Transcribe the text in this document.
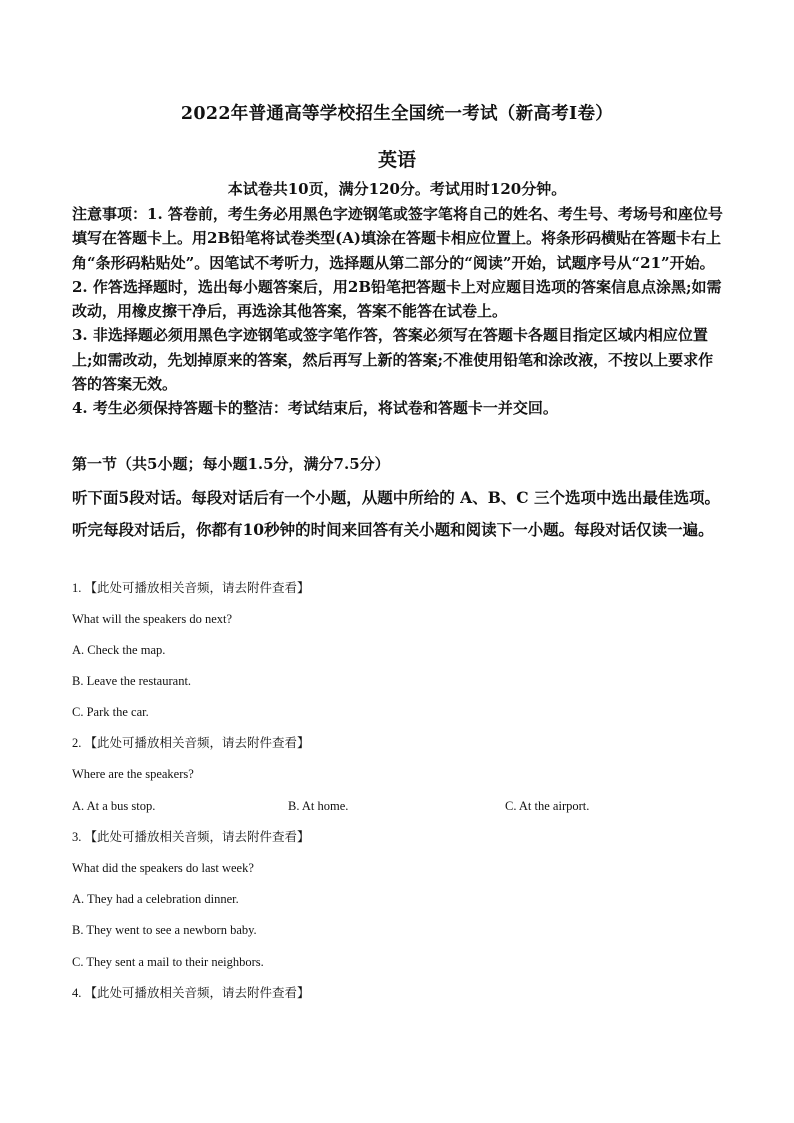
2022年普通高等学校招生全国统一考试（新高考Ⅰ卷）
英语
本试卷共10页，满分120分。考试用时120分钟。

注意事项：1. 答卷前，考生务必用黑色字迹钢笔或签字笔将自己的姓名、考生号、考场号和座位号填写在答题卡上。用2B铅笔将试卷类型(A)填涂在答题卡相应位置上。将条形码横贴在答题卡右上角“条形码粘贴处”。因笔试不考听力，选择题从第二部分的“阅读”开始，试题序号从“21”开始。

2. 作答选择题时，选出每小题答案后，用2B铅笔把答题卡上对应题目选项的答案信息点涂黑;如需改动，用橡皮擦干净后，再选涂其他答案，答案不能答在试卷上。

3. 非选择题必须用黑色字迹钢笔或签字笔作答，答案必须写在答题卡各题目指定区域内相应位置上;如需改动，先划掉原来的答案，然后再写上新的答案;不准使用铅笔和涂改液，不按以上要求作答的答案无效。

4. 考生必须保持答题卡的整洁：考试结束后，将试卷和答题卡一并交回。

第一节（共5小题；每小题1.5分，满分7.5分）
听下面5段对话。每段对话后有一个小题，从题中所给的 A、B、C 三个选项中选出最佳选项。听完每段对话后，你都有10秒钟的时间来回答有关小题和阅读下一小题。每段对话仅读一遍。
1. 【此处可播放相关音频，请去附件查看】
What will the speakers do next?
A. Check the map.
B. Leave the restaurant.
C. Park the car.
2. 【此处可播放相关音频，请去附件查看】
Where are the speakers?
A. At a bus stop.	B. At home.	C. At the airport.
3. 【此处可播放相关音频，请去附件查看】
What did the speakers do last week?
A. They had a celebration dinner.
B. They went to see a newborn baby.
C. They sent a mail to their neighbors.
4. 【此处可播放相关音频，请去附件查看】
